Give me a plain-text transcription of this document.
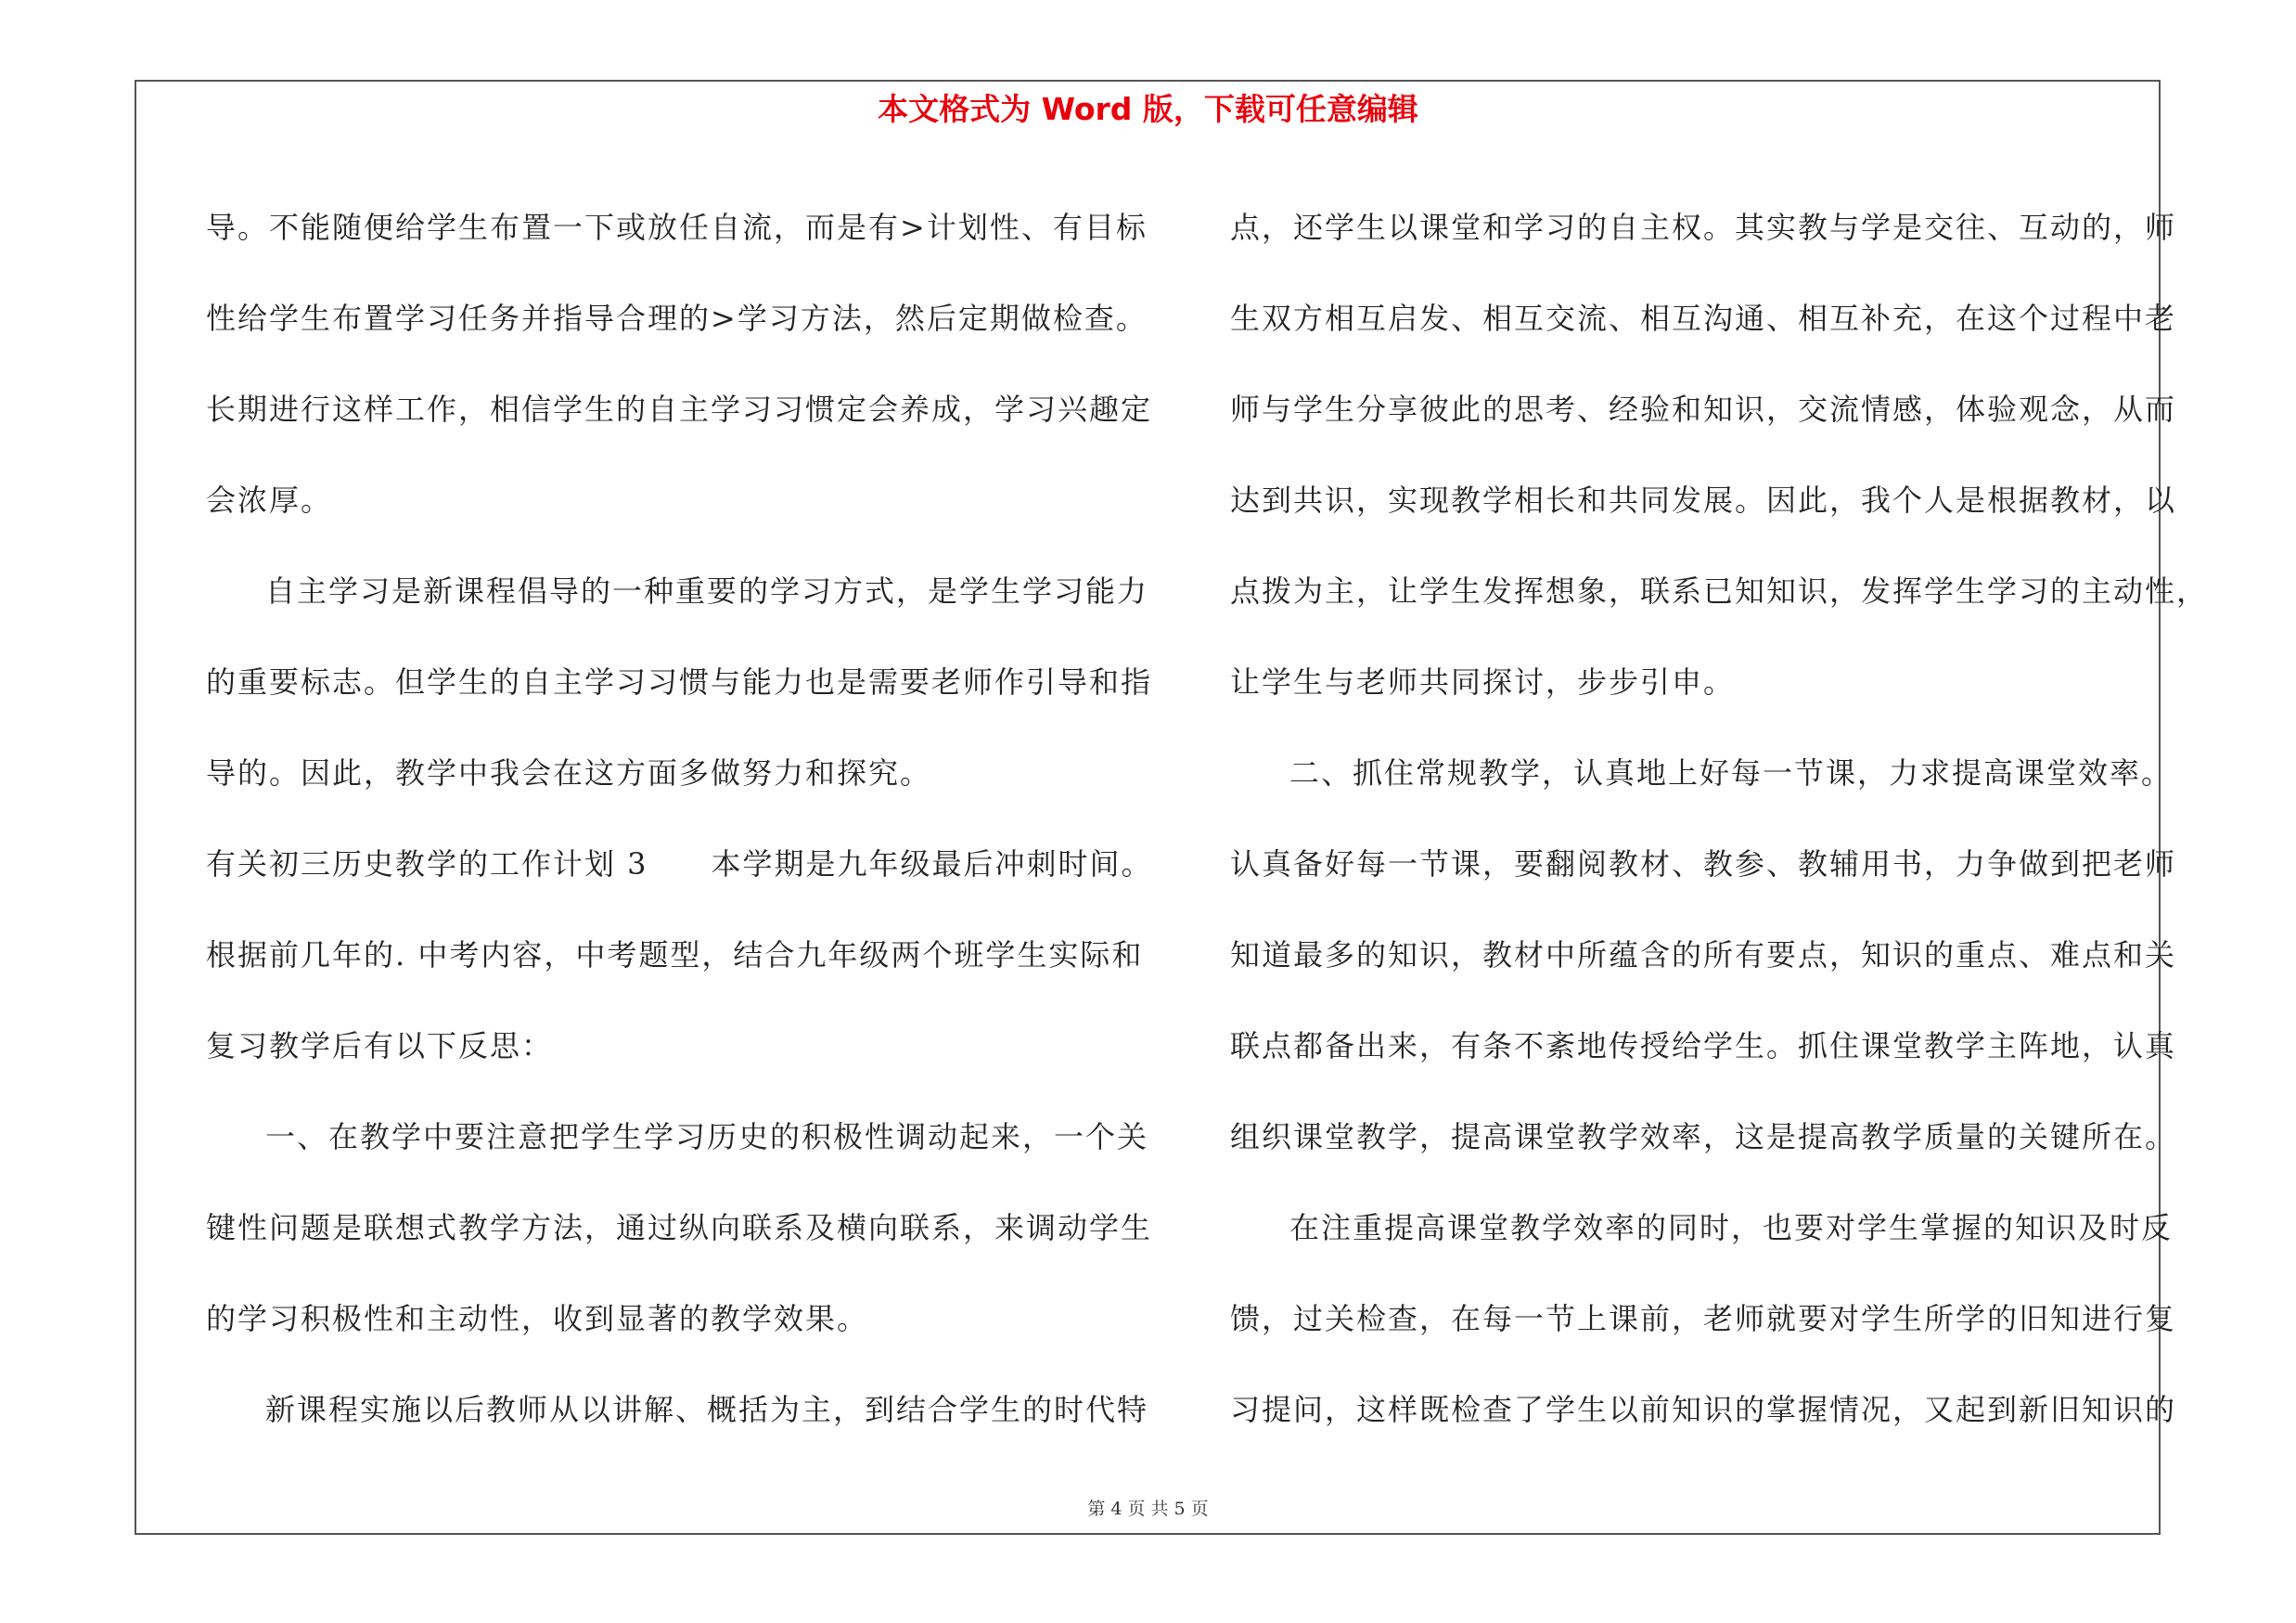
本文格式为 Word 版，下载可任意编辑
导。不能随便给学生布置一下或放任自流，而是有>计划性、有目标
性给学生布置学习任务并指导合理的>学习方法，然后定期做检查。
长期进行这样工作，相信学生的自主学习习惯定会养成，学习兴趣定
会浓厚。
自主学习是新课程倡导的一种重要的学习方式，是学生学习能力
的重要标志。但学生的自主学习习惯与能力也是需要老师作引导和指
导的。因此，教学中我会在这方面多做努力和探究。
有关初三历史教学的工作计划 3　　本学期是九年级最后冲刺时间。
根据前几年的. 中考内容，中考题型，结合九年级两个班学生实际和
复习教学后有以下反思：
一、在教学中要注意把学生学习历史的积极性调动起来，一个关
键性问题是联想式教学方法，通过纵向联系及横向联系，来调动学生
的学习积极性和主动性，收到显著的教学效果。
新课程实施以后教师从以讲解、概括为主，到结合学生的时代特
点，还学生以课堂和学习的自主权。其实教与学是交往、互动的，师
生双方相互启发、相互交流、相互沟通、相互补充，在这个过程中老
师与学生分享彼此的思考、经验和知识，交流情感，体验观念，从而
达到共识，实现教学相长和共同发展。因此，我个人是根据教材，以
点拨为主，让学生发挥想象，联系已知知识，发挥学生学习的主动性，
让学生与老师共同探讨，步步引申。
二、抓住常规教学，认真地上好每一节课，力求提高课堂效率。
认真备好每一节课，要翻阅教材、教参、教辅用书，力争做到把老师
知道最多的知识，教材中所蕴含的所有要点，知识的重点、难点和关
联点都备出来，有条不紊地传授给学生。抓住课堂教学主阵地，认真
组织课堂教学，提高课堂教学效率，这是提高教学质量的关键所在。
在注重提高课堂教学效率的同时，也要对学生掌握的知识及时反
馈，过关检查，在每一节上课前，老师就要对学生所学的旧知进行复
习提问，这样既检查了学生以前知识的掌握情况，又起到新旧知识的
第 4 页 共 5 页
